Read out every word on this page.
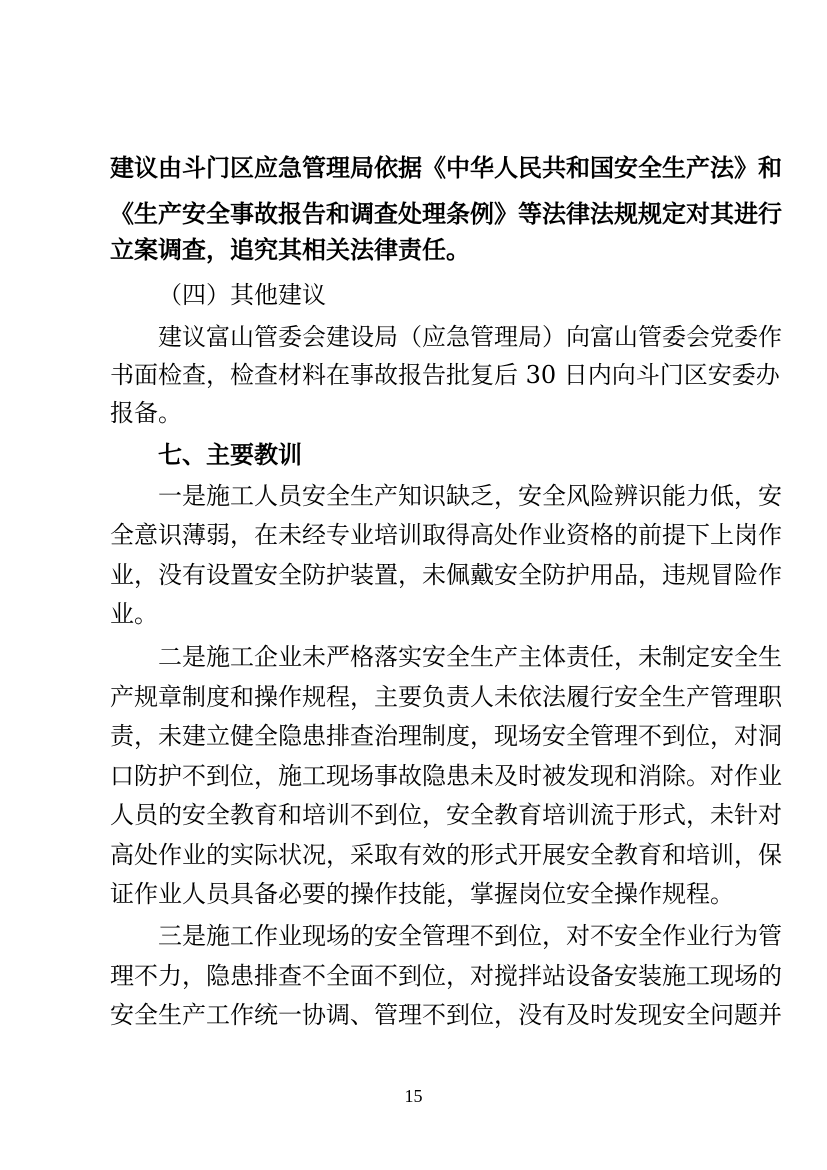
建议由斗门区应急管理局依据《中华人民共和国安全生产法》和
《生产安全事故报告和调查处理条例》等法律法规规定对其进行
立案调查，追究其相关法律责任。
（四）其他建议
建议富山管委会建设局（应急管理局）向富山管委会党委作
书面检查，检查材料在事故报告批复后 30 日内向斗门区安委办
报备。
七、主要教训
一是施工人员安全生产知识缺乏，安全风险辨识能力低，安
全意识薄弱，在未经专业培训取得高处作业资格的前提下上岗作
业，没有设置安全防护装置，未佩戴安全防护用品，违规冒险作
业。
二是施工企业未严格落实安全生产主体责任，未制定安全生
产规章制度和操作规程，主要负责人未依法履行安全生产管理职
责，未建立健全隐患排查治理制度，现场安全管理不到位，对洞
口防护不到位，施工现场事故隐患未及时被发现和消除。对作业
人员的安全教育和培训不到位，安全教育培训流于形式，未针对
高处作业的实际状况，采取有效的形式开展安全教育和培训，保
证作业人员具备必要的操作技能，掌握岗位安全操作规程。
三是施工作业现场的安全管理不到位，对不安全作业行为管
理不力，隐患排查不全面不到位，对搅拌站设备安装施工现场的
安全生产工作统一协调、管理不到位，没有及时发现安全问题并
15
